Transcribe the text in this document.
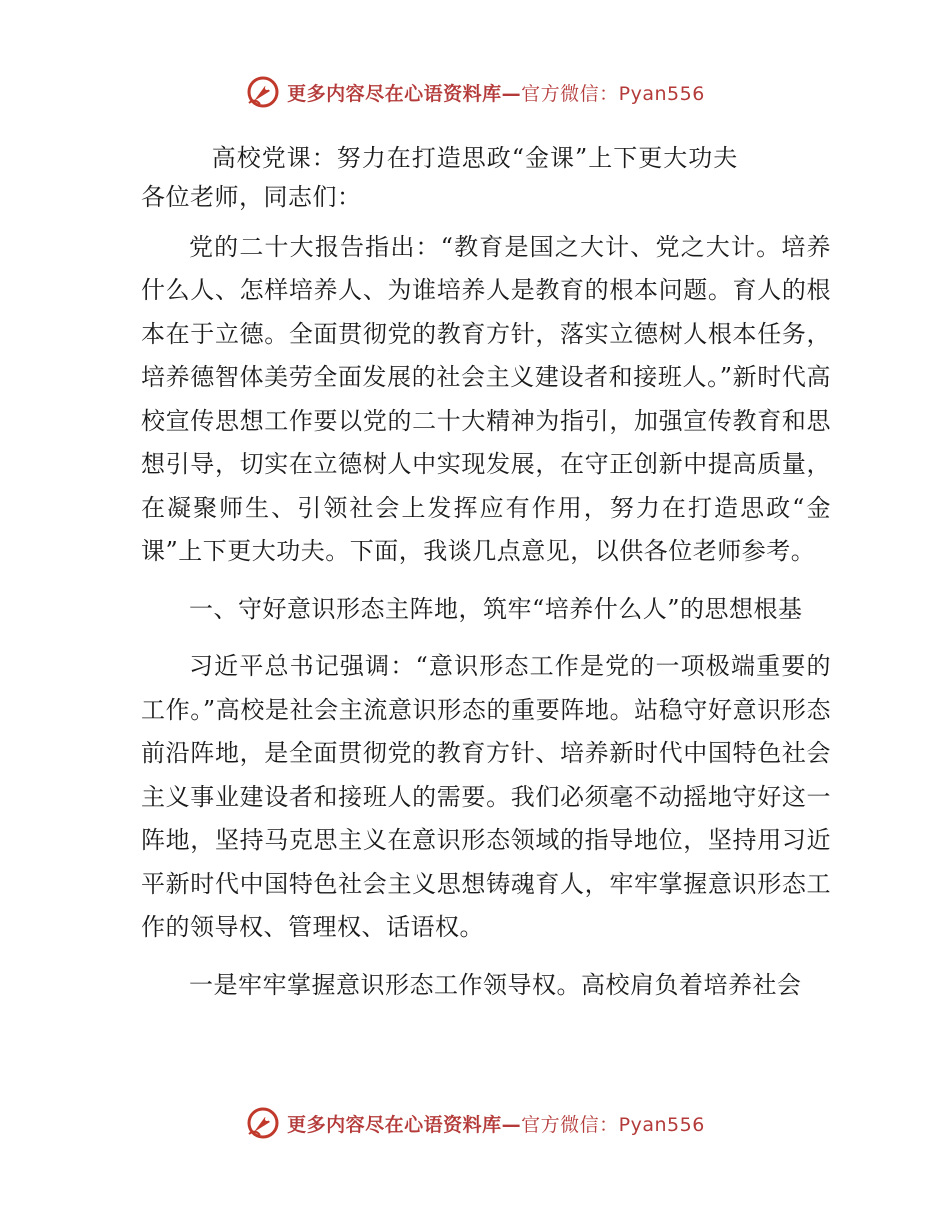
更多内容尽在心语资料库—官方微信：Pyan556
高校党课：努力在打造思政“金课”上下更大功夫

各位老师，同志们：

党的二十大报告指出：“教育是国之大计、党之大计。培养什么人、怎样培养人、为谁培养人是教育的根本问题。育人的根本在于立德。全面贯彻党的教育方针，落实立德树人根本任务，培养德智体美劳全面发展的社会主义建设者和接班人。”新时代高校宣传思想工作要以党的二十大精神为指引，加强宣传教育和思想引导，切实在立德树人中实现发展，在守正创新中提高质量，在凝聚师生、引领社会上发挥应有作用，努力在打造思政“金课”上下更大功夫。下面，我谈几点意见，以供各位老师参考。

一、守好意识形态主阵地，筑牢“培养什么人”的思想根基

习近平总书记强调：“意识形态工作是党的一项极端重要的工作。”高校是社会主流意识形态的重要阵地。站稳守好意识形态前沿阵地，是全面贯彻党的教育方针、培养新时代中国特色社会主义事业建设者和接班人的需要。我们必须毫不动摇地守好这一阵地，坚持马克思主义在意识形态领域的指导地位，坚持用习近平新时代中国特色社会主义思想铸魂育人，牢牢掌握意识形态工作的领导权、管理权、话语权。

一是牢牢掌握意识形态工作领导权。高校肩负着培养社会

更多内容尽在心语资料库—官方微信：Pyan556
